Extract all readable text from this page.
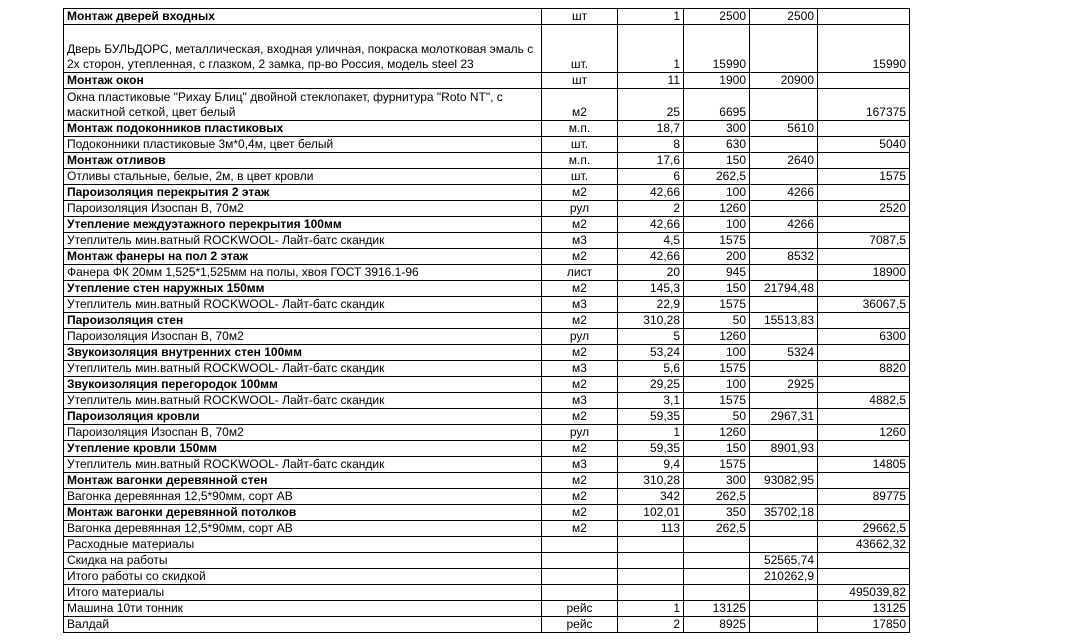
Монтаж дверей входных	шт	1	2500	2500	
Дверь БУЛЬДОРС, металлическая, входная уличная, покраска молотковая эмаль с 2х сторон, утепленная, с глазком, 2 замка, пр-во Россия, модель steel 23	шт.	1	15990		15990
Монтаж окон	шт	11	1900	20900	
Окна пластиковые "Рихау Блиц" двойной стеклопакет, фурнитура "Roto NT", с маскитной сеткой, цвет белый	м2	25	6695		167375
Монтаж подоконников пластиковых	м.п.	18,7	300	5610	
Подоконники пластиковые 3м*0,4м, цвет белый	шт.	8	630		5040
Монтаж отливов	м.п.	17,6	150	2640	
Отливы стальные, белые, 2м, в цвет кровли	шт.	6	262,5		1575
Пароизоляция перекрытия 2 этаж	м2	42,66	100	4266	
Пароизоляция Изоспан В, 70м2	рул	2	1260		2520
Утепление междуэтажного перекрытия 100мм	м2	42,66	100	4266	
Утеплитель мин.ватный ROCKWOOL- Лайт-батс скандик	м3	4,5	1575		7087,5
Монтаж фанеры на пол 2 этаж	м2	42,66	200	8532	
Фанера ФК 20мм 1,525*1,525мм на полы, хвоя ГОСТ 3916.1-96	лист	20	945		18900
Утепление стен наружных 150мм	м2	145,3	150	21794,48	
Утеплитель мин.ватный ROCKWOOL- Лайт-батс скандик	м3	22,9	1575		36067,5
Пароизоляция стен	м2	310,28	50	15513,83	
Пароизоляция Изоспан В, 70м2	рул	5	1260		6300
Звукоизоляция внутренних стен 100мм	м2	53,24	100	5324	
Утеплитель мин.ватный ROCKWOOL- Лайт-батс скандик	м3	5,6	1575		8820
Звукоизоляция перегородок 100мм	м2	29,25	100	2925	
Утеплитель мин.ватный ROCKWOOL- Лайт-батс скандик	м3	3,1	1575		4882,5
Пароизоляция кровли	м2	59,35	50	2967,31	
Пароизоляция Изоспан В, 70м2	рул	1	1260		1260
Утепление кровли 150мм	м2	59,35	150	8901,93	
Утеплитель мин.ватный ROCKWOOL- Лайт-батс скандик	м3	9,4	1575		14805
Монтаж вагонки деревянной стен	м2	310,28	300	93082,95	
Вагонка деревянная 12,5*90мм, сорт АВ	м2	342	262,5		89775
Монтаж вагонки деревянной потолков	м2	102,01	350	35702,18	
Вагонка деревянная 12,5*90мм, сорт АВ	м2	113	262,5		29662,5
Расходные материалы					43662,32
Скидка на работы				52565,74	
Итого работы со скидкой				210262,9	
Итого материалы					495039,82
Машина 10ти тонник	рейс	1	13125		13125
Валдай	рейс	2	8925		17850
